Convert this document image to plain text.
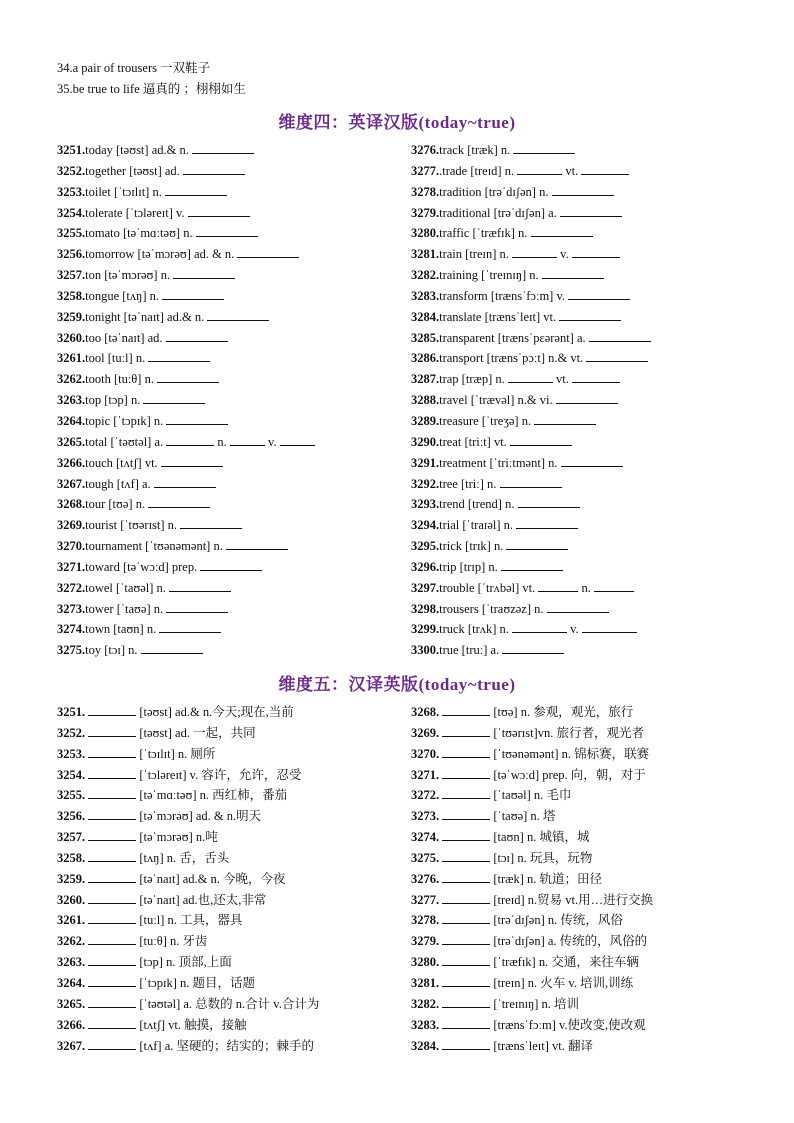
34.a pair of trousers 一双鞋子
35.be true to life 逼真的 ；栩栩如生
维度四：英译汉版(today~true)
3251.today [təʊst] ad.& n.
3252.together [təʊst] ad.
3253.toilet [ˈtɔɪlɪt] n.
3254.tolerate [ˈtɔləreɪt] v.
3255.tomato [təˈmɑːtəʊ] n.
3256.tomorrow [təˈmɔrəʊ] ad. & n.
3257.ton [təˈmɔrəʊ] n.
3258.tongue [tʌŋ] n.
3259.tonight [təˈnaɪt] ad.& n.
3260.too [təˈnaɪt] ad.
3261.tool [tuːl] n.
3262.tooth [tuːθ] n.
3263.top [tɔp] n.
3264.topic [ˈtɔpɪk] n.
3265.total [ˈtəʊtəl] a.	n.	v.
3266.touch [tʌtʃ] vt.
3267.tough [tʌf] a.
3268.tour [tʊə] n.
3269.tourist [ˈtʊərɪst] n.
3270.tournament [ˈtʊənəmənt] n.
3271.toward [təˈwɔːd] prep.
3272.towel [ˈtaʊəl] n.
3273.tower [ˈtaʊə] n.
3274.town [taʊn] n.
3275.toy [tɔɪ] n.
3276.track [træk] n.
3277..trade [treɪd] n.	vt.
3278.tradition [trəˈdɪʃən] n.
3279.traditional [trəˈdɪʃən] a.
3280.traffic [ˈtræfɪk] n.
3281.train [treɪn] n.	v.
3282.training [ˈtreɪnɪŋ] n.
3283.transform [trænsˈfɔːm] v.
3284.translate [trænsˈleɪt] vt.
3285.transparent [trænsˈpɛərənt] a.
3286.transport [trænsˈpɔːt] n.& vt.
3287.trap [træp] n.	vt.
3288.travel [ˈtrævəl] n.& vi.
3289.treasure [ˈtreʒə] n.
3290.treat [triːt] vt.
3291.treatment [ˈtriːtmənt] n.
3292.tree [triː] n.
3293.trend [trend] n.
3294.trial [ˈtraɪəl] n.
3295.trick [trɪk] n.
3296.trip [trɪp] n.
3297.trouble [ˈtrʌbəl] vt.	n.
3298.trousers [ˈtraʊzəz] n.
3299.truck [trʌk] n.	v.
3300.true [truː] a.
维度五：汉译英版(today~true)
3251.	[təʊst] ad.& n.今天;现在,当前
3252.	[təʊst] ad. 一起，共同
3253.	[ˈtɔɪlɪt] n. 厕所
3254.	[ˈtɔləreɪt] v. 容许，允许，忍受
3255.	[təˈmɑːtəʊ] n. 西红柿，番茄
3256.	[təˈmɔrəʊ] ad. & n.明天
3257.	[təˈmɔrəʊ] n.吨
3258.	[tʌŋ] n. 舌，舌头
3259.	[təˈnaɪt] ad.& n. 今晚，今夜
3260.	[təˈnaɪt] ad.也,还太,非常
3261.	[tuːl] n. 工具，器具
3262.	[tuːθ] n. 牙齿
3263.	[tɔp] n. 顶部,上面
3264.	[ˈtɔpɪk] n. 题目，话题
3265.	[ˈtəʊtəl] a. 总数的 n.合计 v.合计为
3266.	[tʌtʃ] vt. 触摸，接触
3267.	[tʌf] a. 坚硬的；结实的；棘手的
3268.	[tʊə] n. 参观，观光，旅行
3269.	[ˈtʊərɪst]vn. 旅行者，观光者
3270.	[ˈtʊənəmənt] n. 锦标赛，联赛
3271.	[təˈwɔːd] prep. 向，朝，对于
3272.	[ˈtaʊəl] n. 毛巾
3273.	[ˈtaʊə] n. 塔
3274.	[taʊn] n. 城镇，城
3275.	[tɔɪ] n. 玩具，玩物
3276.	[træk] n. 轨道；田径
3277.	[treɪd] n.贸易 vt.用…进行交换
3278.	[trəˈdɪʃən] n. 传统，风俗
3279.	[trəˈdɪʃən] a. 传统的，风俗的
3280.	[ˈtræfɪk] n. 交通，来往车辆
3281.	[treɪn] n. 火车 v. 培训,训练
3282.	[ˈtreɪnɪŋ] n. 培训
3283.	[trænsˈfɔːm] v.使改变,使改观
3284.	[trænsˈleɪt] vt. 翻译
